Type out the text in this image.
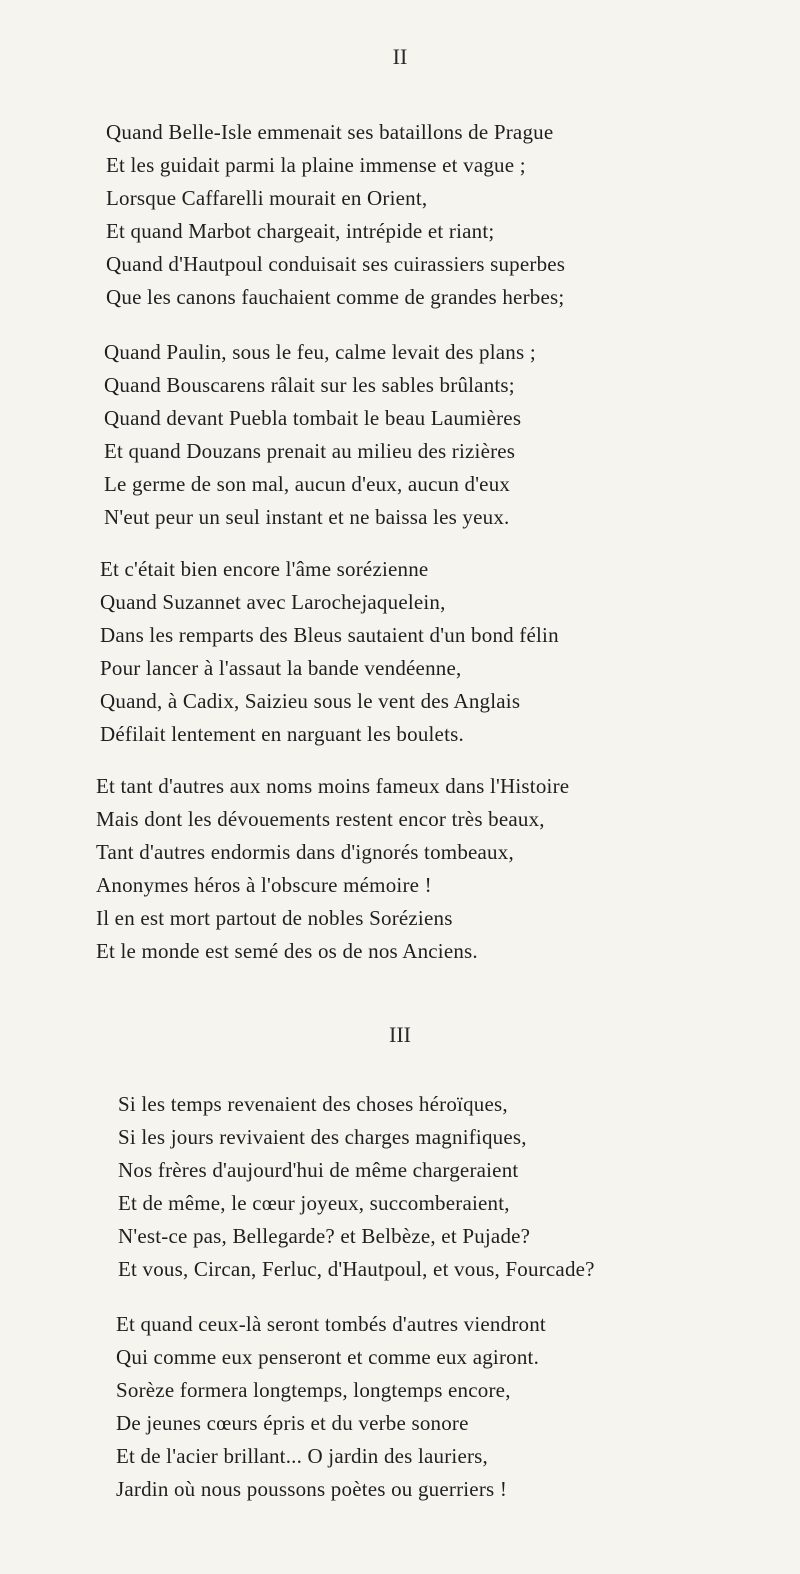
II
Quand Belle-Isle emmenait ses bataillons de Prague
Et les guidait parmi la plaine immense et vague ;
Lorsque Caffarelli mourait en Orient,
Et quand Marbot chargeait, intrépide et riant;
Quand d'Hautpoul conduisait ses cuirassiers superbes
Que les canons fauchaient comme de grandes herbes;
Quand Paulin, sous le feu, calme levait des plans ;
Quand Bouscarens râlait sur les sables brûlants;
Quand devant Puebla tombait le beau Laumières
Et quand Douzans prenait au milieu des rizières
Le germe de son mal, aucun d'eux, aucun d'eux
N'eut peur un seul instant et ne baissa les yeux.
Et c'était bien encore l'âme sorézienne
Quand Suzannet avec Larochejaquelein,
Dans les remparts des Bleus sautaient d'un bond félin
Pour lancer à l'assaut la bande vendéenne,
Quand, à Cadix, Saizieu sous le vent des Anglais
Défilait lentement en narguant les boulets.
Et tant d'autres aux noms moins fameux dans l'Histoire
Mais dont les dévouements restent encor très beaux,
Tant d'autres endormis dans d'ignorés tombeaux,
Anonymes héros à l'obscure mémoire !
Il en est mort partout de nobles Soréziens
Et le monde est semé des os de nos Anciens.
III
Si les temps revenaient des choses héroïques,
Si les jours revivaient des charges magnifiques,
Nos frères d'aujourd'hui de même chargeraient
Et de même, le cœur joyeux, succomberaient,
N'est-ce pas, Bellegarde? et Belbèze, et Pujade?
Et vous, Circan, Ferluc, d'Hautpoul, et vous, Fourcade?
Et quand ceux-là seront tombés d'autres viendront
Qui comme eux penseront et comme eux agiront.
Sorèze formera longtemps, longtemps encore,
De jeunes cœurs épris et du verbe sonore
Et de l'acier brillant... O jardin des lauriers,
Jardin où nous poussons poètes ou guerriers !
